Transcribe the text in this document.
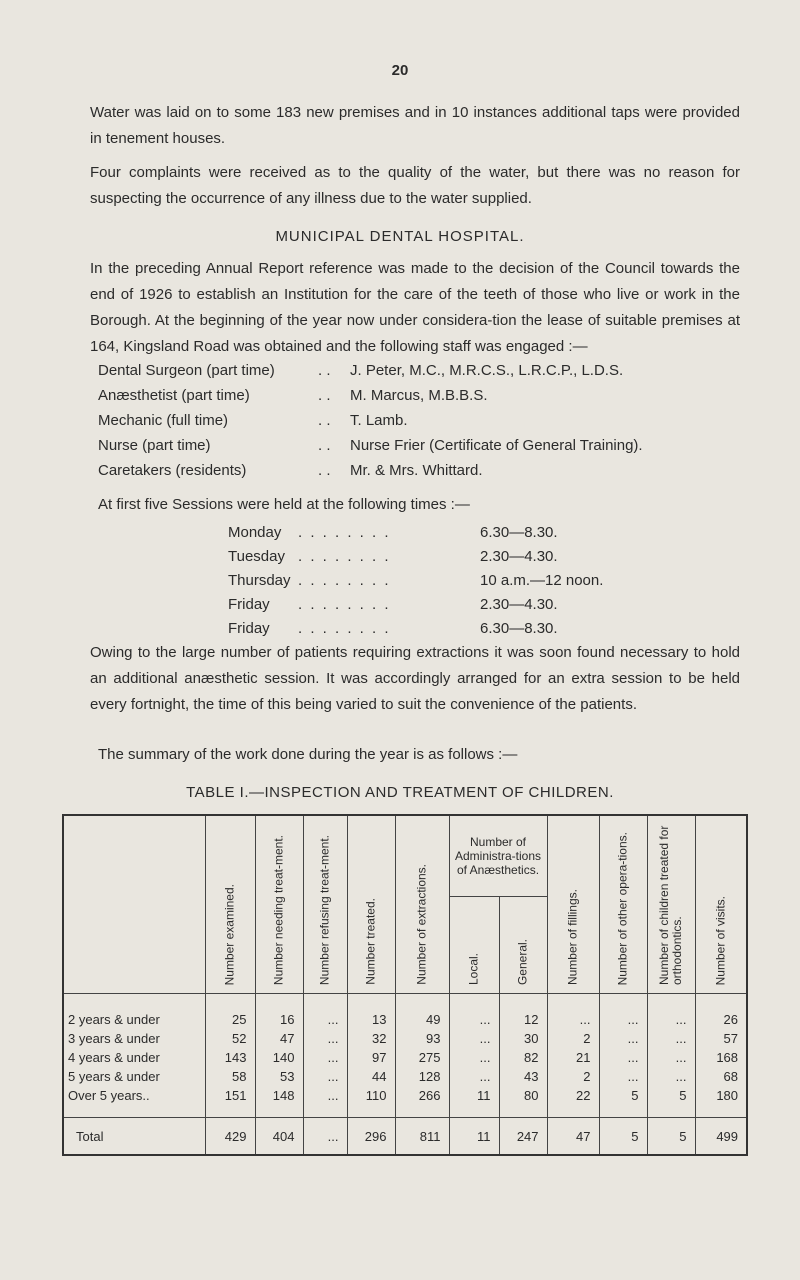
20

Water was laid on to some 183 new premises and in 10 instances additional taps were provided in tenement houses.

Four complaints were received as to the quality of the water, but there was no reason for suspecting the occurrence of any illness due to the water supplied.

MUNICIPAL DENTAL HOSPITAL.

In the preceding Annual Report reference was made to the decision of the Council towards the end of 1926 to establish an Institution for the care of the teeth of those who live or work in the Borough. At the beginning of the year now under considera-tion the lease of suitable premises at 164, Kingsland Road was obtained and the following staff was engaged :—

Dental Surgeon (part time)	. .	J. Peter, M.C., M.R.C.S., L.R.C.P., L.D.S.
Anæsthetist (part time)	. .	M. Marcus, M.B.B.S.
Mechanic (full time)	. .	T. Lamb.
Nurse (part time)	. .	Nurse Frier (Certificate of General Training).
Caretakers (residents)	. .	Mr. & Mrs. Whittard.
At first five Sessions were held at the following times :—
Monday	. . . . . . . .	6.30—8.30.
Tuesday . . . . . . . .	2.30—4.30.
Thursday . . . . . . . .	10 a.m.—12 noon.
Friday	. . . . . . . .	2.30—4.30.
Friday	. . . . . . . .	6.30—8.30.

Owing to the large number of patients requiring extractions it was soon found necessary to hold an additional anæsthetic session. It was accordingly arranged for an extra session to be held every fortnight, the time of this being varied to suit the convenience of the patients.

The summary of the work done during the year is as follows :—

TABLE I.—INSPECTION AND TREATMENT OF CHILDREN.

	Number examined.	Number needing treat-ment.	Number refusing treat-ment.	Number treated.	Number of extractions.	Number of Administra-tions of Anæsthetics.		Number of fillings.	Number of other opera-tions.	Number of children treated for orthodontics.	Number of visits.

						Local.	General.				

2 years & under	25	16	...	13	49	...	12	...	...	...	26
3 years & under	52	47	...	32	93	...	30	2	...	...	57
4 years & under	143	140	...	97	275	...	82	21	...	...	168
5 years & under	58	53	...	44	128	...	43	2	...	...	68
Over 5 years..	151	148	...	110	266	11	80	22	5	5	180
Total	429	404	...	296	811	11	247	47	5	5	499
